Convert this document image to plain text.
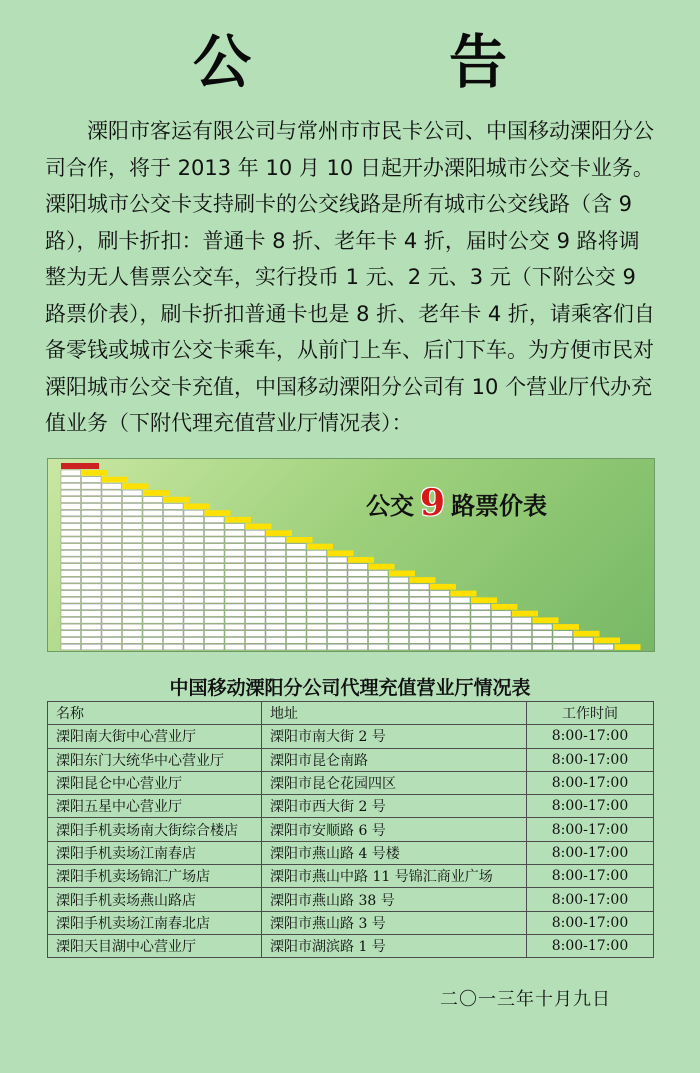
公　告

溧阳市客运有限公司与常州市市民卡公司、中国移动溧阳分公司合作，将于 2013 年 10 月 10 日起开办溧阳城市公交卡业务。溧阳城市公交卡支持刷卡的公交线路是所有城市公交线路（含 9 路），刷卡折扣：普通卡 8 折、老年卡 4 折，届时公交 9 路将调整为无人售票公交车，实行投币 1 元、2 元、3 元（下附公交 9 路票价表），刷卡折扣普通卡也是 8 折、老年卡 4 折，请乘客们自备零钱或城市公交卡乘车，从前门上车、后门下车。为方便市民对溧阳城市公交卡充值，中国移动溧阳分公司有 10 个营业厅代办充值业务（下附代理充值营业厅情况表）：

公交 9 路票价表
中国移动溧阳分公司代理充值营业厅情况表
名称	地址	工作时间
溧阳南大街中心营业厅	溧阳市南大街 2 号	8:00-17:00
溧阳东门大统华中心营业厅	溧阳市昆仑南路	8:00-17:00
溧阳昆仑中心营业厅	溧阳市昆仑花园四区	8:00-17:00
溧阳五星中心营业厅	溧阳市西大街 2 号	8:00-17:00
溧阳手机卖场南大街综合楼店	溧阳市安顺路 6 号	8:00-17:00
溧阳手机卖场江南春店	溧阳市燕山路 4 号楼	8:00-17:00
溧阳手机卖场锦汇广场店	溧阳市燕山中路 11 号锦汇商业广场	8:00-17:00
溧阳手机卖场燕山路店	溧阳市燕山路 38 号	8:00-17:00
溧阳手机卖场江南春北店	溧阳市燕山路 3 号	8:00-17:00
溧阳天目湖中心营业厅	溧阳市湖滨路 1 号	8:00-17:00
二〇一三年十月九日
